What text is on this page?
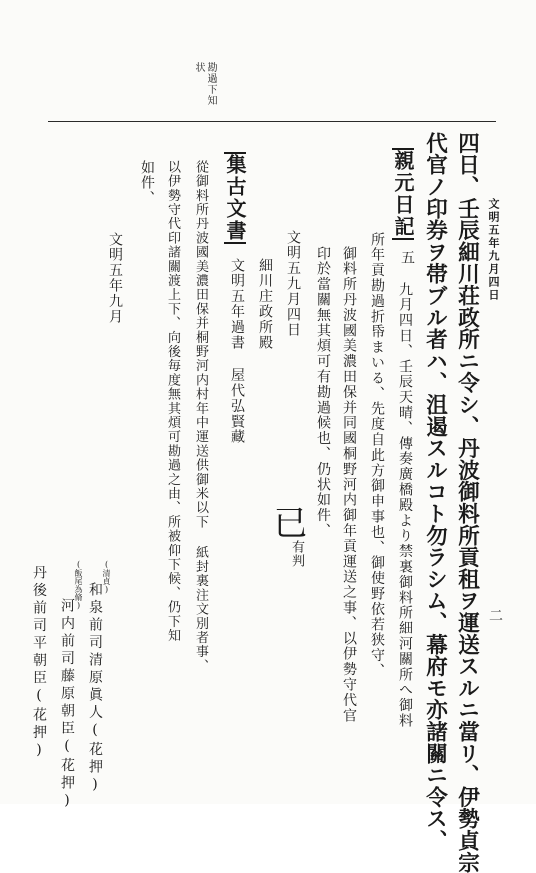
文明五年九月四日
二
勘過下知
状
四日、壬辰細川荘政所ニ令シ、丹波御料所貢租ヲ運送スルニ當リ、伊勢貞宗
代官ノ印券ヲ帯ブル者ハ、沮遏スルコト勿ラシム、幕府モ亦諸關ニ令ス、
親元日記
五
九月四日、壬辰天晴、傳奏廣橋殿より禁裏御料所細河關所へ御料
所年貢勘過折帋まいる、先度自此方御申事也、御使野依若狭守、
御料所丹波國美濃田保并同國桐野河内御年貢運送之事、以伊勢守代官
印於當關無其煩可有勘過候也、仍状如件、
文明五九月四日
細川庄政所殿
已
有判
集古文書
文明五年過書 屋代弘賢藏
從御料所丹波國美濃田保并桐野河内村年中運送供御米以下 紙封裏注文別者事、
以伊勢守代印諸關渡上下、向後毎度無其煩可勘過之由、所被仰下候、仍下知
如件、
文明五年九月
(清貞)
和泉前司清原眞人(花押)
(飯尾為脩)
河内前司藤原朝臣(花押)
丹後前司平朝臣(花押)
